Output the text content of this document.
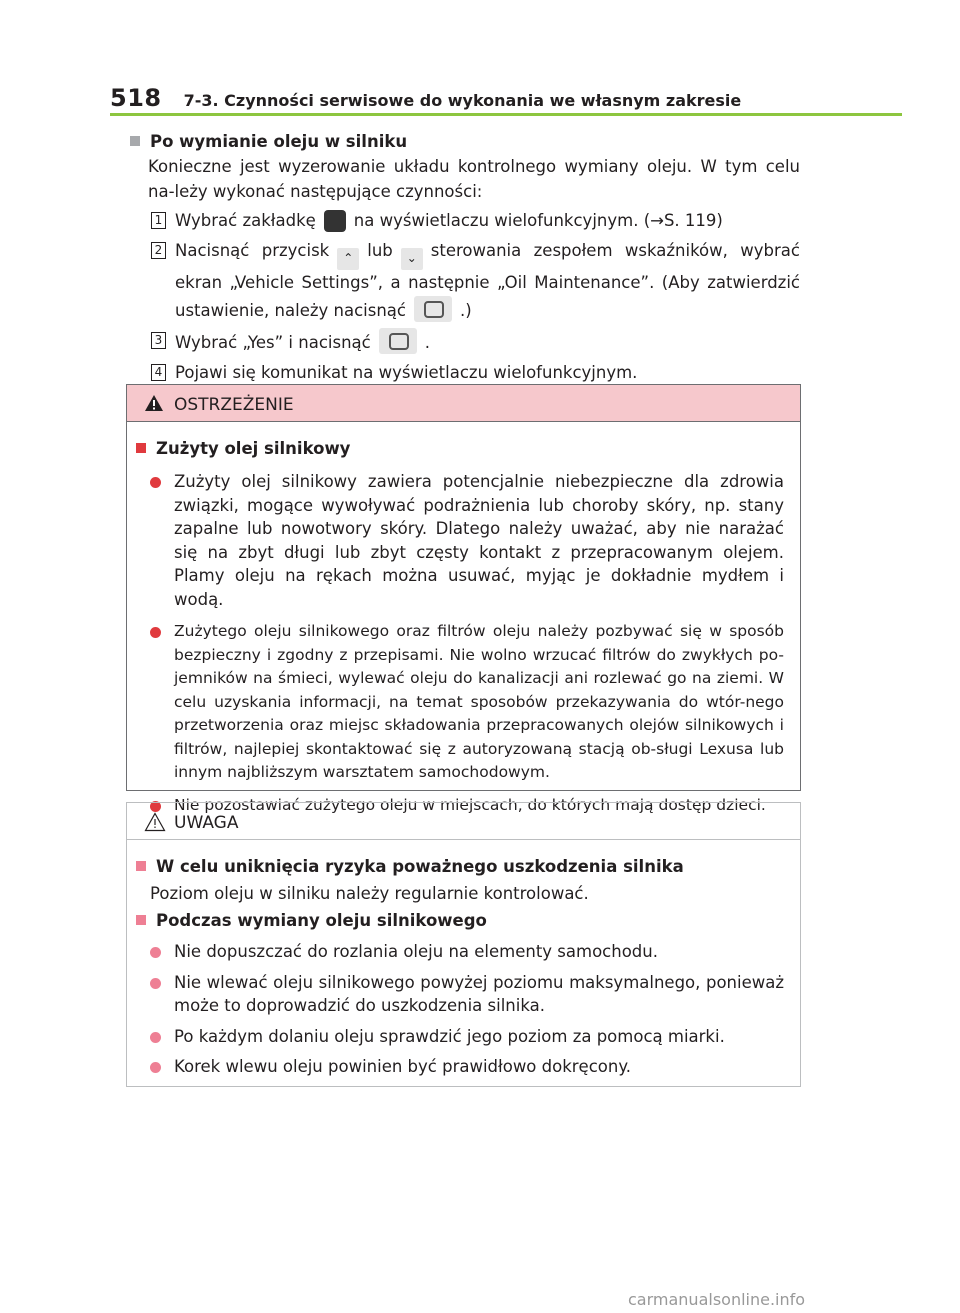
518 7-3. Czynności serwisowe do wykonania we własnym zakresie
Po wymianie oleju w silniku
Konieczne jest wyzerowanie układu kontrolnego wymiany oleju. W tym celu na-leży wykonać następujące czynności:
1 Wybrać zakładkę na wyświetlaczu wielofunkcyjnym. (→S. 119)
2 Nacisnąć przycisk ⌃ lub ⌄ sterowania zespołem wskaźników, wybrać ekran „Vehicle Settings”, a następnie „Oil Maintenance”. (Aby zatwierdzić ustawienie, należy nacisnąć	.)
3 Wybrać „Yes” i nacisnąć	.
4 Pojawi się komunikat na wyświetlaczu wielofunkcyjnym.
OSTRZEŻENIE
Zużyty olej silnikowy
Zużyty olej silnikowy zawiera potencjalnie niebezpieczne dla zdrowia związki, mogące wywoływać podrażnienia lub choroby skóry, np. stany zapalne lub nowotwory skóry. Dlatego należy uważać, aby nie narażać się na zbyt długi lub zbyt częsty kontakt z przepracowanym olejem. Plamy oleju na rękach można usuwać, myjąc je dokładnie mydłem i wodą.
Zużytego oleju silnikowego oraz filtrów oleju należy pozbywać się w sposób bezpieczny i zgodny z przepisami. Nie wolno wrzucać filtrów do zwykłych po-jemników na śmieci, wylewać oleju do kanalizacji ani rozlewać go na ziemi. W celu uzyskania informacji, na temat sposobów przekazywania do wtór-nego przetworzenia oraz miejsc składowania przepracowanych olejów silnikowych i filtrów, najlepiej skontaktować się z autoryzowaną stacją ob-sługi Lexusa lub innym najbliższym warsztatem samochodowym.
Nie pozostawiać zużytego oleju w miejscach, do których mają dostęp dzieci.
UWAGA
W celu uniknięcia ryzyka poważnego uszkodzenia silnika
Poziom oleju w silniku należy regularnie kontrolować.
Podczas wymiany oleju silnikowego
Nie dopuszczać do rozlania oleju na elementy samochodu.
Nie wlewać oleju silnikowego powyżej poziomu maksymalnego, ponieważ może to doprowadzić do uszkodzenia silnika.
Po każdym dolaniu oleju sprawdzić jego poziom za pomocą miarki.
Korek wlewu oleju powinien być prawidłowo dokręcony.
carmanualsonline.info
